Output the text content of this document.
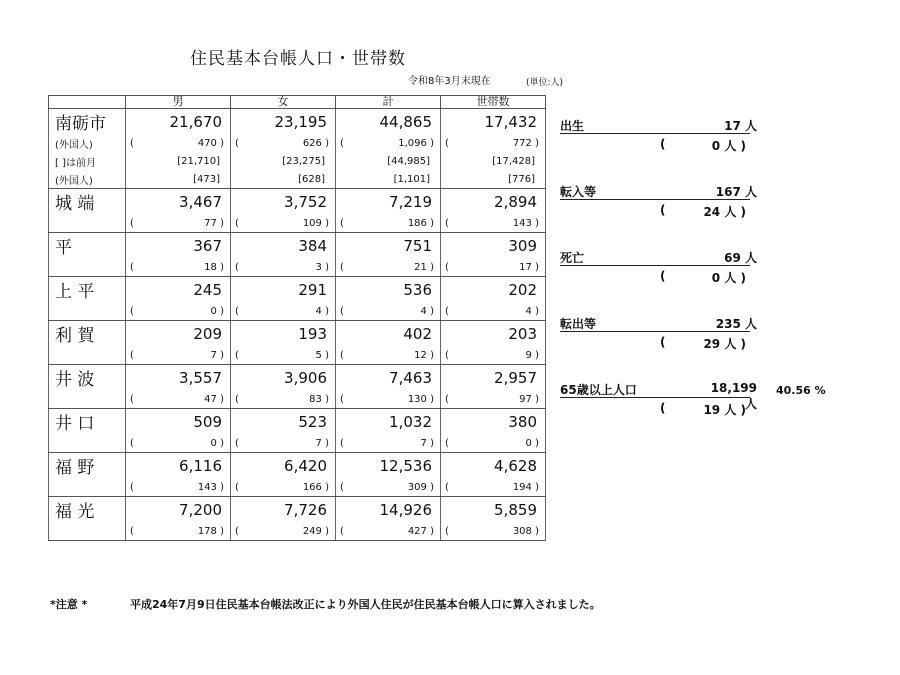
住民基本台帳人口・世帯数
令和8年3月末現在	(単位:人)
	男	女	計	世帯数
南砺市	21,670	23,195	44,865	17,432
(外国人)	( 470 )	( 626 )	( 1,096 )	( 772 )

[ ]は前月	[21,710]	[23,275]	[44,985]	[17,428]
(外国人)	[473]	[628]	[1,101]	[776]
城 端	3,467	3,752	7,219	2,894

	( 77 )	( 109 )	( 186 )	( 143 )

平	367	384	751	309

	( 18 )	( 3 )	( 21 )	( 17 )

上 平	245	291	536	202

	( 0 )	( 4 )	( 4 )	( 4 )

利 賀	209	193	402	203

	( 7 )	( 5 )	( 12 )	( 9 )

井 波	3,557	3,906	7,463	2,957

	( 47 )	( 83 )	( 130 )	( 97 )

井 口	509	523	1,032	380

	( 0 )	( 7 )	( 7 )	( 0 )

福 野	6,116	6,420	12,536	4,628

	( 143 )	( 166 )	( 309 )	( 194 )

福 光	7,200	7,726	14,926	5,859

	( 178 )	( 249 )	( 427 )	( 308 )
出生	17 人
(	0 人 )
転入等	167 人
(	24 人 )
死亡	69 人
(	0 人 )
転出等	235 人
(	29 人 )
65歳以上人口	18,199 人
(	19 人 )
40.56 %
*注意 *	平成24年7月9日住民基本台帳法改正により外国人住民が住民基本台帳人口に算入されました。
